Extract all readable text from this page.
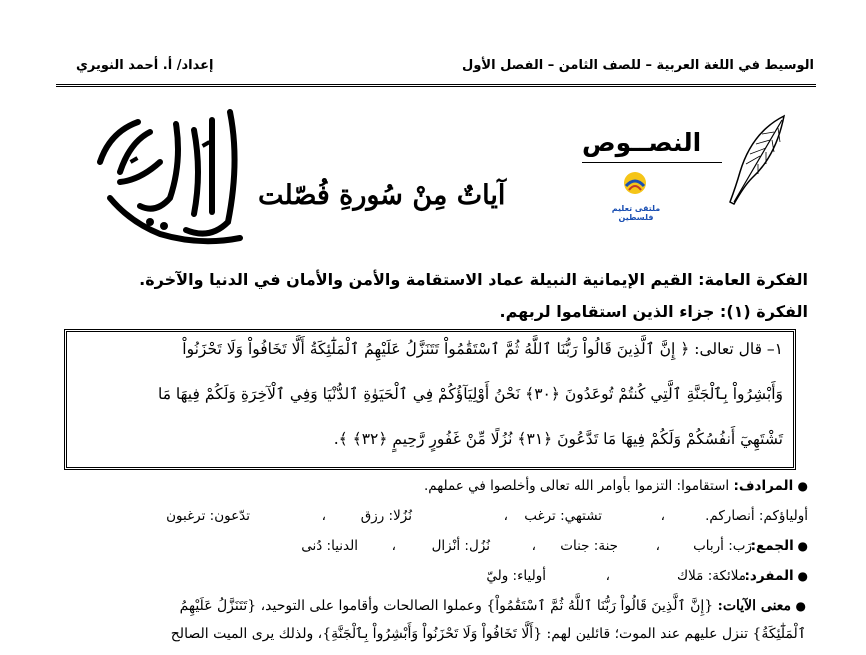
الوسيط في اللغة العربية – للصف الثامن – الفصل الأول
إعداد/ أ. أحمد النويري
النصــوص
ملتقى تعليم فلسطين
آياتٌ مِنْ سُورةِ فُصّلت
الفكرة العامة: القيم الإيمانية النبيلة عماد الاستقامة والأمن والأمان في الدنيا والآخرة.
الفكرة (١): جزاء الذين استقاموا لربهم.
١– قال تعالى: ﴿ إِنَّ ٱلَّذِينَ قَالُواْ رَبُّنَا ٱللَّهُ ثُمَّ ٱسْتَقَٰمُواْ تَتَنَزَّلُ عَلَيْهِمُ ٱلْمَلَٰٓئِكَةُ أَلَّا تَخَافُواْ وَلَا تَحْزَنُواْ
وَأَبْشِرُواْ بِٱلْجَنَّةِ ٱلَّتِي كُنتُمْ تُوعَدُونَ ﴿٣٠﴾ نَحْنُ أَوْلِيَآؤُكُمْ فِي ٱلْحَيَوٰةِ ٱلدُّنْيَا وَفِي ٱلْآخِرَةِ وَلَكُمْ فِيهَا مَا
تَشْتَهِيٓ أَنفُسُكُمْ وَلَكُمْ فِيهَا مَا تَدَّعُونَ ﴿٣١﴾ نُزُلًا مِّنْ غَفُورٍ رَّحِيمٍ ﴿٣٢﴾ ﴾.
● المرادف: استقاموا: التزموا بأوامر الله تعالى وأخلصوا في عملهم.
أولياؤكم: أنصاركم.
،
تشتهي: ترغب
،
نُزُلا: رزق
،
تدّعون: ترغبون
● الجمع:
رَب: أرباب
،
جنة: جنات
،
نُزُل: أنْزال
،
الدنيا: دُنى
● المفرد:
ملائكة: مَلاك
،
أولياء: وليّ
● معنى الآيات: {إِنَّ ٱلَّذِينَ قَالُواْ رَبُّنَا ٱللَّهُ ثُمَّ ٱسْتَقَٰمُواْ} وعملوا الصالحات وأقاموا على التوحيد، {تَتَنَزَّلُ عَلَيْهِمُ
ٱلْمَلَٰٓئِكَةُ} تنزل عليهم عند الموت؛ قائلين لهم: {أَلَّا تَخَافُواْ وَلَا تَحْزَنُواْ وَأَبْشِرُواْ بِٱلْجَنَّةِ}، ولذلك يرى الميت الصالح
